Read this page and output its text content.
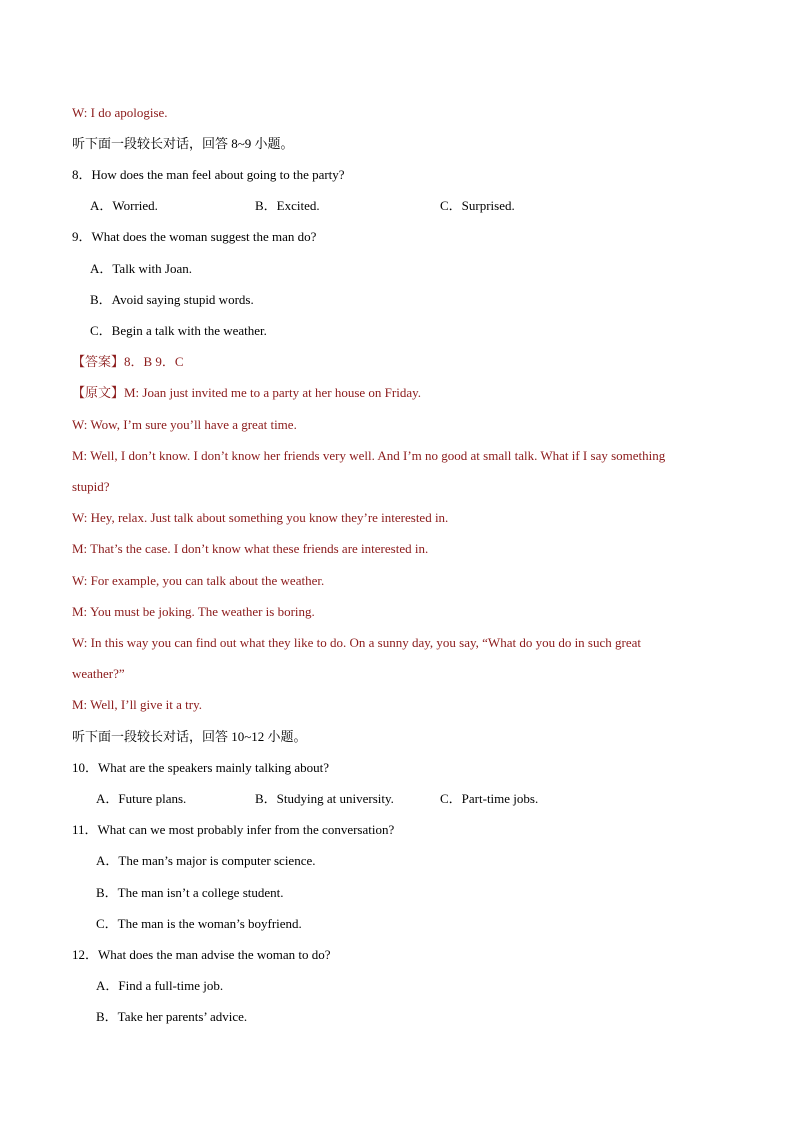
W: I do apologise.
听下面一段较长对话，回答 8~9 小题。
8．How does the man feel about going to the party?
A．Worried.	B．Excited.	C．Surprised.
9．What does the woman suggest the man do?
A．Talk with Joan.
B．Avoid saying stupid words.
C．Begin a talk with the weather.
【答案】8．B 9．C
【原文】M: Joan just invited me to a party at her house on Friday.
W: Wow, I’m sure you’ll have a great time.
M: Well, I don’t know. I don’t know her friends very well. And I’m no good at small talk. What if I say something
stupid?
W: Hey, relax. Just talk about something you know they’re interested in.
M: That’s the case. I don’t know what these friends are interested in.
W: For example, you can talk about the weather.
M: You must be joking. The weather is boring.
W: In this way you can find out what they like to do. On a sunny day, you say, “What do you do in such great
weather?”
M: Well, I’ll give it a try.
听下面一段较长对话，回答 10~12 小题。
10．What are the speakers mainly talking about?
A．Future plans.	B．Studying at university.	C．Part-time jobs.
11．What can we most probably infer from the conversation?
A．The man’s major is computer science.
B．The man isn’t a college student.
C．The man is the woman’s boyfriend.
12．What does the man advise the woman to do?
A．Find a full-time job.
B．Take her parents’ advice.
